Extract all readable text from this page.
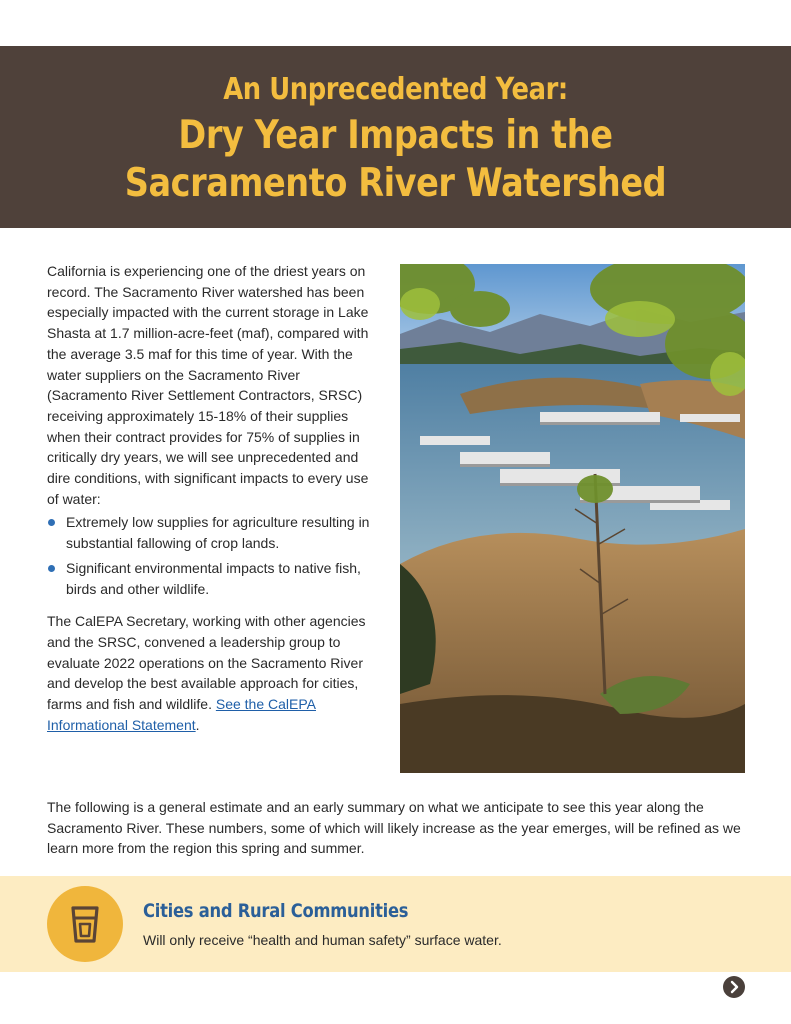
An Unprecedented Year:
Dry Year Impacts in the
Sacramento River Watershed

California is experiencing one of the driest years on record. The Sacramento River watershed has been especially impacted with the current storage in Lake Shasta at 1.7 million-acre-feet (maf), compared with the average 3.5 maf for this time of year. With the water suppliers on the Sacramento River (Sacramento River Settlement Contractors, SRSC) receiving approximately 15-18% of their supplies when their contract provides for 75% of supplies in critically dry years, we will see unprecedented and dire conditions, with significant impacts to every use of water:

Extremely low supplies for agriculture resulting in substantial fallowing of crop lands.
Significant environmental impacts to native fish, birds and other wildlife.

The CalEPA Secretary, working with other agencies and the SRSC, convened a leadership group to evaluate 2022 operations on the Sacramento River and develop the best available approach for cities, farms and fish and wildlife. See the CalEPA Informational Statement.

The following is a general estimate and an early summary on what we anticipate to see this year along the Sacramento River. These numbers, some of which will likely increase as the year emerges, will be refined as we learn more from the region this spring and summer.
Cities and Rural Communities
Will only receive “health and human safety” surface water.
